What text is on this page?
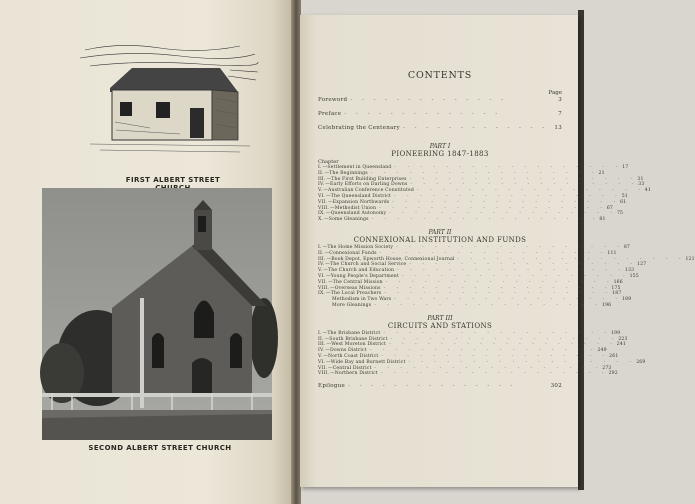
FIRST ALBERT STREET
SECOND ALBERT STREET CHURCH
CONTENTS
Page
Foreword - - - - - - - - - - - - - -	3
Preface - - - - - - - - - - - - - -	7
Celebrating the Centenary - - - - - - - - - - - - -	13
PART I
PIONEERING 1847-1883
Chapter
I. —Settlement in Queensland - - - - - - - - - - - - - - - - - - 17
II. —The Beginnings - - - - - - - - - - - - - - - - - - 21
III. —The First Building Enterprises - - - - - - - - - - - - - - - - - - 31
IV. —Early Efforts on Darling Downs - - - - - - - - - - - - - - - - - - 33
V. —Australian Conference Constituted - - - - - - - - - - - - - - - - - - 41
VI. —The Queensland District - - - - - - - - - - - - - - - - - - 51
VII. —Expansion Northwards - - - - - - - - - - - - - - - - - - 61
VIII. —Methodist Union - - - - - - - - - - - - - - - - - - 67
IX. —Queensland Autonomy - - - - - - - - - - - - - - - - - - 75
X. —Some Gleanings - - - - - - - - - - - - - - - - - - 81
PART II
CONNEXIONAL INSTITUTION AND FUNDS
I. —The Home Mission Society - - - - - - - - - - - - - - - - - - 87
II. —Connexional Funds - - - - - - - - - - - - - - - - - - 111
III. —Book Depot, Epworth House, Connexional Journal - - - - - - - - - - - - - - - - - - 121
IV. —The Church and Social Service - - - - - - - - - - - - - - - - - - 127
V. —The Church and Education - - - - - - - - - - - - - - - - - - 133
VI. —Young People's Department - - - - - - - - - - - - - - - - - - 155
VII. —The Central Mission - - - - - - - - - - - - - - - - - - 166
VIII. —Overseas Missions - - - - - - - - - - - - - - - - - - 175
IX. —The Local Preachers - - - - - - - - - - - - - - - - - - 187
Methodism in Two Wars - - - - - - - - - - - - - - - - - - 189
More Gleanings - - - - - - - - - - - - - - - - - - 196
PART III
CIRCUITS AND STATIONS
I. —The Brisbane District - - - - - - - - - - - - - - - - - - 199
II. —South Brisbane District - - - - - - - - - - - - - - - - - - 223
III. —West Moreton District - - - - - - - - - - - - - - - - - - 241
IV. —Downs District - - - - - - - - - - - - - - - - - - 249
V. —North Coast District - - - - - - - - - - - - - - - - - - 261
VI. —Wide Bay and Burnett District - - - - - - - - - - - - - - - - - - 269
VII. —Central District - - - - - - - - - - - - - - - - - - 273
VIII. —Northern District - - - - - - - - - - - - - - - - - - 292
Epilogue - - - - - - - - - - - - - - -	302
